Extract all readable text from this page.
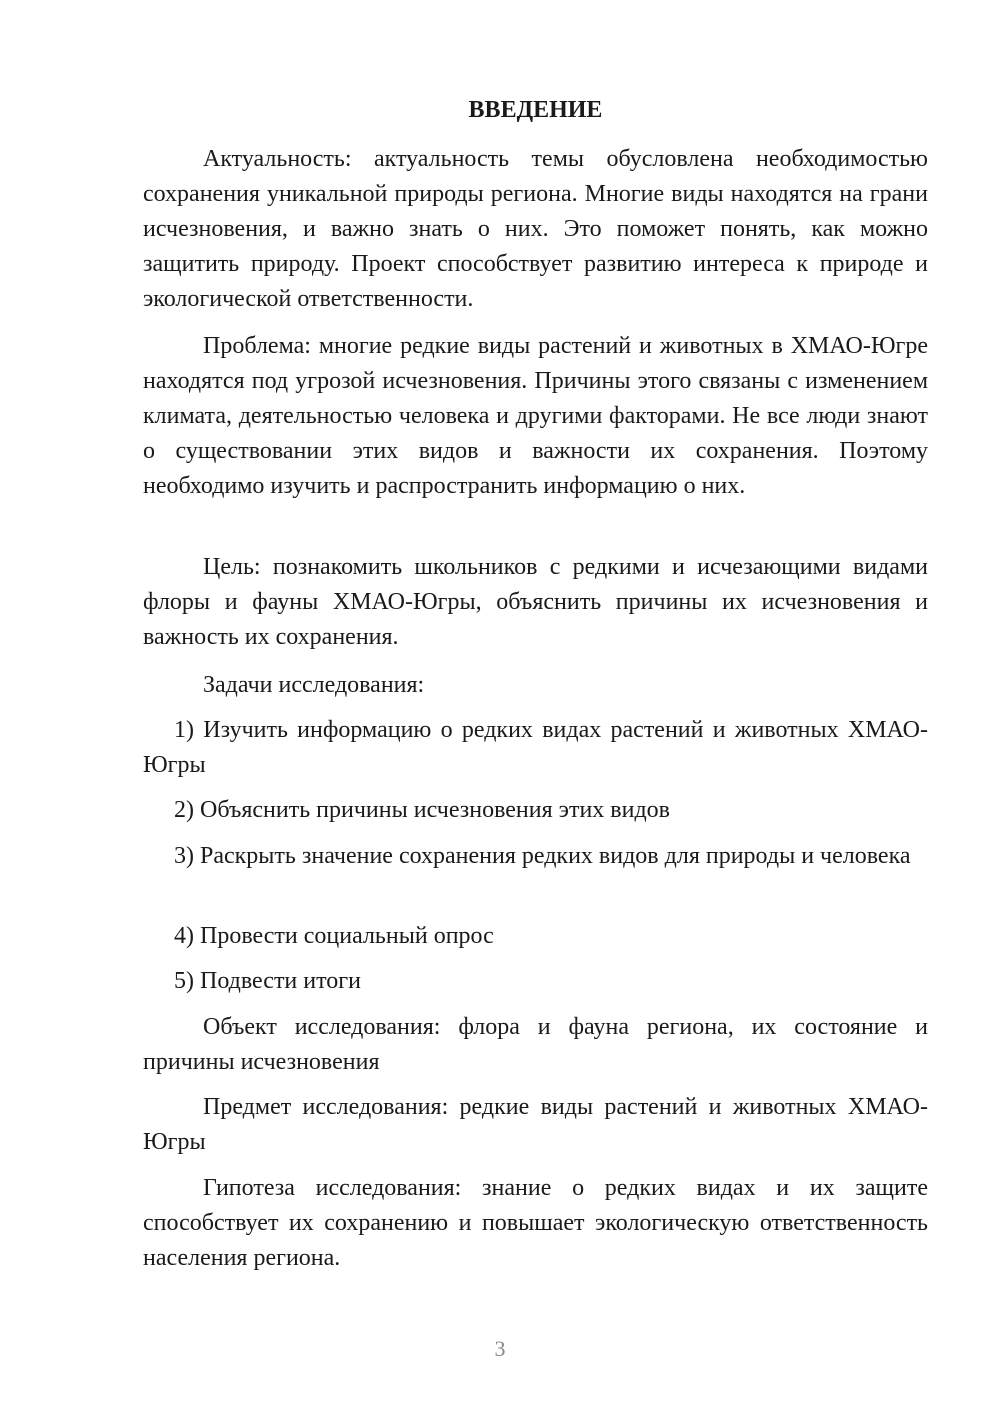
ВВЕДЕНИЕ

Актуальность: актуальность темы обусловлена необходимостью сохранения уникальной природы региона. Многие виды находятся на грани исчезновения, и важно знать о них. Это поможет понять, как можно защитить природу. Проект способствует развитию интереса к природе и экологической ответственности.

Проблема: многие редкие виды растений и животных в ХМАО-Югре находятся под угрозой исчезновения. Причины этого связаны с изменением климата, деятельностью человека и другими факторами. Не все люди знают о существовании этих видов и важности их сохранения. Поэтому необходимо изучить и распространить информацию о них.

Цель: познакомить школьников с редкими и исчезающими видами флоры и фауны ХМАО-Югры, объяснить причины их исчезновения и важность их сохранения.

Задачи исследования:

1) Изучить информацию о редких видах растений и животных ХМАО-Югры

2) Объяснить причины исчезновения этих видов

3) Раскрыть значение сохранения редких видов для природы и человека

4) Провести социальный опрос

5) Подвести итоги

Объект исследования: флора и фауна региона, их состояние и причины исчезновения

Предмет исследования: редкие виды растений и животных ХМАО-Югры

Гипотеза исследования: знание о редких видах и их защите способствует их сохранению и повышает экологическую ответственность населения региона.

3
